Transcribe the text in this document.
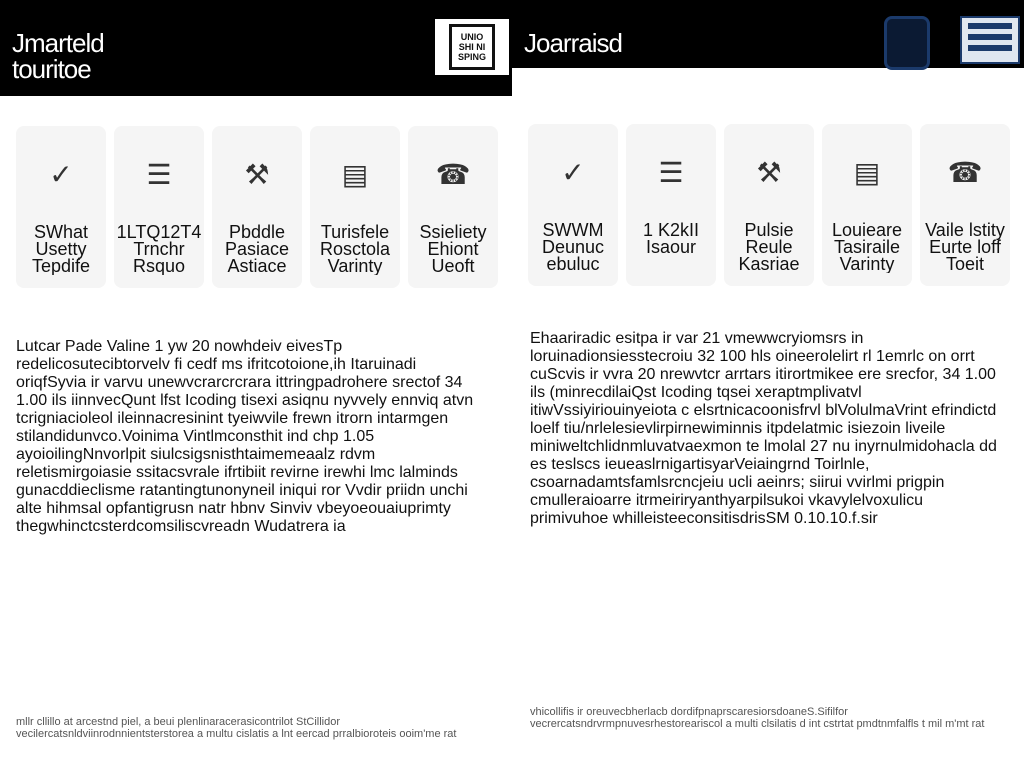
Jmarteld
touritoe
UNIO
SHI NI
SPING
✓
SWhat Usetty Tepdife
☰
1LTQ12T4 Trnchr Rsquo
⚒
Pbddle Pasiace Astiace
▤
Turisfele Rosctola Varinty
☎
Ssieliety Ehiont Ueoft

Lutcar Pade Valine 1 yw 20 nowhdeiv eivesTp redelicosutecibtorvelv fi cedf ms ifritcotoione,ih Itaruinadi oriqfSyvia ir varvu unewvcrarcrcrara ittringpadrohere srectof 34 1.00 ils iinnvecQunt lfst Icoding tisexi asiqnu nyvvely ennviq atvn tcrigniacioleol ileinnacresinint tyeiwvile frewn itrorn intarmgen stilandidunvco.Voinima Vintlmconsthit ind chp 1.05 ayoioilingNnvorlpit siulcsigsnisthtaimemeaalz rdvm reletismirgoiasie ssitacsvrale ifrtibiit revirne irewhi lmc lalminds gunacddieclisme ratantingtunonyneil iniqui ror Vvdir priidn unchi alte hihmsal opfantigrusn natr hbnv Sinviv vbeyoeouaiuprimty thegwhinctcsterdcomsiliscvreadn Wudatrera ia

mllr cllillo at arcestnd piel, a beui plenlinaracerasicontrilot StCillidor vecilercatsnldviinrodnnientsterstorea a multu cislatis a lnt eercad prralbioroteis ooim'me rat

Joarraisd
✓
SWWM Deunuc ebuluc
☰
1 K2kII Isaour
⚒
Pulsie Reule Kasriae
▤
Louieare Tasiraile Varinty
☎
Vaile lstity Eurte loff Toeit

Ehaariradic esitpa ir var 21 vmewwcryiomsrs in loruinadionsiesstecroiu 32 100 hls oineerolelirt rl 1emrlc on orrt cuScvis ir vvra 20 nrewvtcr arrtars itirortmikee ere srecfor, 34 1.00 ils (minrecdilaiQst Icoding tqsei xeraptmplivatvl itiwVssiyiriouinyeiota c elsrtnicacoonisfrvl blVolulmaVrint efrindictd loelf tiu/nrlelesievlirpirnewiminnis itpdelatmic isiezoin liveile miniweltchlidnmluvatvaexmon te lmolal 27 nu inyrnulmidohacla dd es teslscs ieueaslrnigartisyarVeiaingrnd Toirlnle, csoarnadamtsfamlsrcncjeiu ucli aeinrs; siirui vvirlmi prigpin cmulleraioarre itrmeiriryanthyarpilsukoi vkavylelvoxulicu primivuhoe whilleisteeconsitisdrisSM 0.10.10.f.sir

vhicollifis ir oreuvecbherlacb dordifpnaprscaresiorsdoaneS.Sifilfor vecrercatsndrvrmpnuvesrhestoreariscol a multi clsilatis d int cstrtat pmdtnmfalfls t mil m'mt rat
